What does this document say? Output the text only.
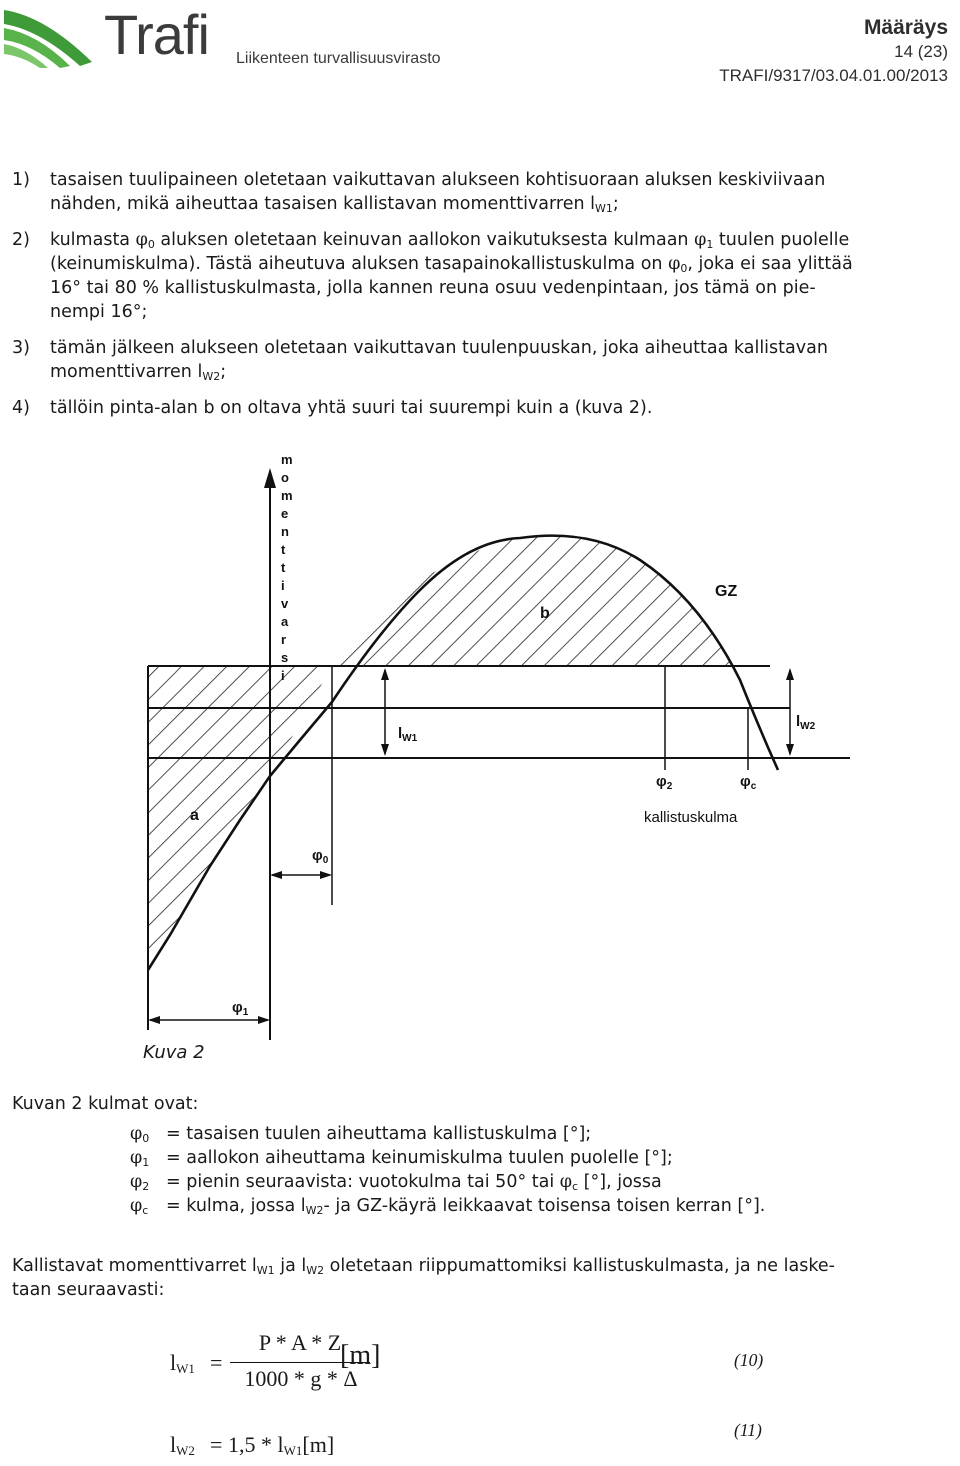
Trafi Liikenteen turvallisuusvirasto
Määräys
14 (23)
TRAFI/9317/03.04.01.00/2013
1)	tasaisen tuulipaineen oletetaan vaikuttavan alukseen kohtisuoraan aluksen keskiviivaan
nähden, mikä aiheuttaa tasaisen kallistavan momenttivarren $l_{W1}$;
2)	kulmasta $\varphi_0$ aluksen oletetaan keinuvan aallokon vaikutuksesta kulmaan $\varphi_1$ tuulen puolelle
(keinumiskulma). Tästä aiheutuva aluksen tasapainokallistuskulma on $\varphi_0$, joka ei saa ylittää
16° tai 80 % kallistuskulmasta, jolla kannen reuna osuu vedenpintaan, jos tämä on pie-
nempi 16°;
3)	tämän jälkeen alukseen oletetaan vaikuttavan tuulenpuuskan, joka aiheuttaa kallistavan
momenttivarren $l_{W2}$;
4)	tällöin pinta-alan b on oltava yhtä suuri tai suurempi kuin a (kuva 2).
m
o
m
e
n
t
t
i
v
a
r
s
i
GZ
a
b
$l_{W1}$
$l_{W2}$
$\varphi_0$
$\varphi_1$
$\varphi_2$	$\varphi_c$
kallistuskulma
Kuva 2
Kuvan 2 kulmat ovat:
$\varphi_0$ = tasaisen tuulen aiheuttama kallistuskulma [°];
$\varphi_1$ = aallokon aiheuttama keinumiskulma tuulen puolelle [°];
$\varphi_2$ = pienin seuraavista: vuotokulma tai 50° tai $\varphi_c$ [°], jossa
$\varphi_c$ = kulma, jossa $l_{W2}-$ ja GZ-käyrä leikkaavat toisensa toisen kerran [°].
Kallistavat momenttivarret $l_{W1}$ ja $l_{W2}$ oletetaan riippumattomiksi kallistuskulmasta, ja ne laske-
taan seuraavasti:
$l_{W1}$ =
P * A * Z
1000 * g * Δ
[m]	(10)
$l_{W2} = 1,5 * l_{W1}[m]$
(11)
